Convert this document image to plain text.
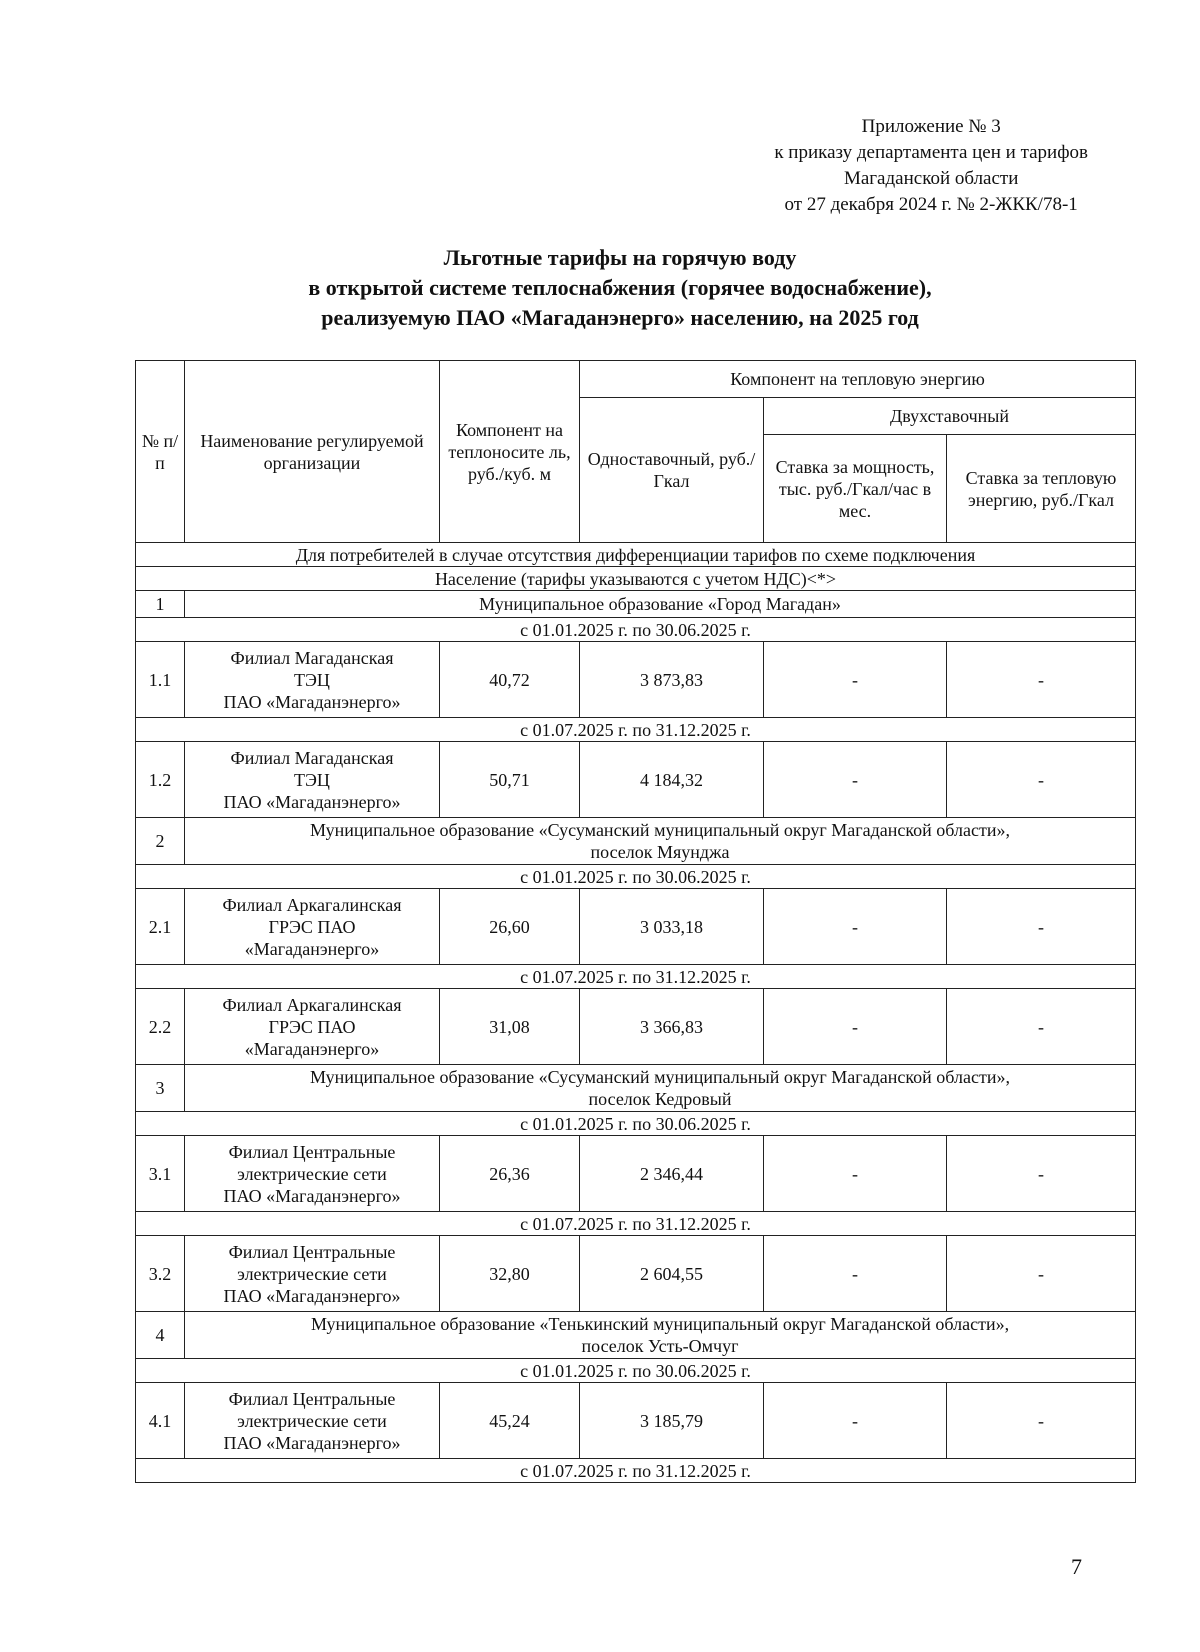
Приложение № 3
к приказу департамента цен и тарифов
Магаданской области
от 27 декабря 2024 г. № 2-ЖКК/78-1
Льготные тарифы на горячую воду
в открытой системе теплоснабжения (горячее водоснабжение),
реализуемую ПАО «Магаданэнерго» населению, на 2025 год
№ п/п	Наименование регулируемой организации	Компонент на теплоносите ль, руб./куб. м	Компонент на тепловую энергию		
			Одноставочный, руб./Гкал	Двухставочный	
				Ставка за мощность, тыс. руб./Гкал/час в мес.	Ставка за тепловую энергию, руб./Гкал
Для потребителей в случае отсутствия дифференциации тарифов по схеме подключения					
Население (тарифы указываются с учетом НДС)<*>					
1	Муниципальное образование «Город Магадан»				
с 01.01.2025 г. по 30.06.2025 г.					
1.1	Филиал Магаданская
ТЭЦ
ПАО «Магаданэнерго»	40,72	3 873,83	-	-
с 01.07.2025 г. по 31.12.2025 г.					
1.2	Филиал Магаданская
ТЭЦ
ПАО «Магаданэнерго»	50,71	4 184,32	-	-
2	Муниципальное образование «Сусуманский муниципальный округ Магаданской области»,
поселок Мяунджа				

с 01.01.2025 г. по 30.06.2025 г.					
2.1	Филиал Аркагалинская
ГРЭС ПАО
«Магаданэнерго»	26,60	3 033,18	-	-
с 01.07.2025 г. по 31.12.2025 г.					
2.2	Филиал Аркагалинская
ГРЭС ПАО
«Магаданэнерго»	31,08	3 366,83	-	-
3	Муниципальное образование «Сусуманский муниципальный округ Магаданской области»,
поселок Кедровый				

с 01.01.2025 г. по 30.06.2025 г.					
3.1	Филиал Центральные
электрические сети
ПАО «Магаданэнерго»	26,36	2 346,44	-	-
с 01.07.2025 г. по 31.12.2025 г.					
3.2	Филиал Центральные
электрические сети
ПАО «Магаданэнерго»	32,80	2 604,55	-	-
4	Муниципальное образование «Тенькинский муниципальный округ Магаданской области»,
поселок Усть-Омчуг				

с 01.01.2025 г. по 30.06.2025 г.					
4.1	Филиал Центральные
электрические сети
ПАО «Магаданэнерго»	45,24	3 185,79	-	-
с 01.07.2025 г. по 31.12.2025 г.					
7
